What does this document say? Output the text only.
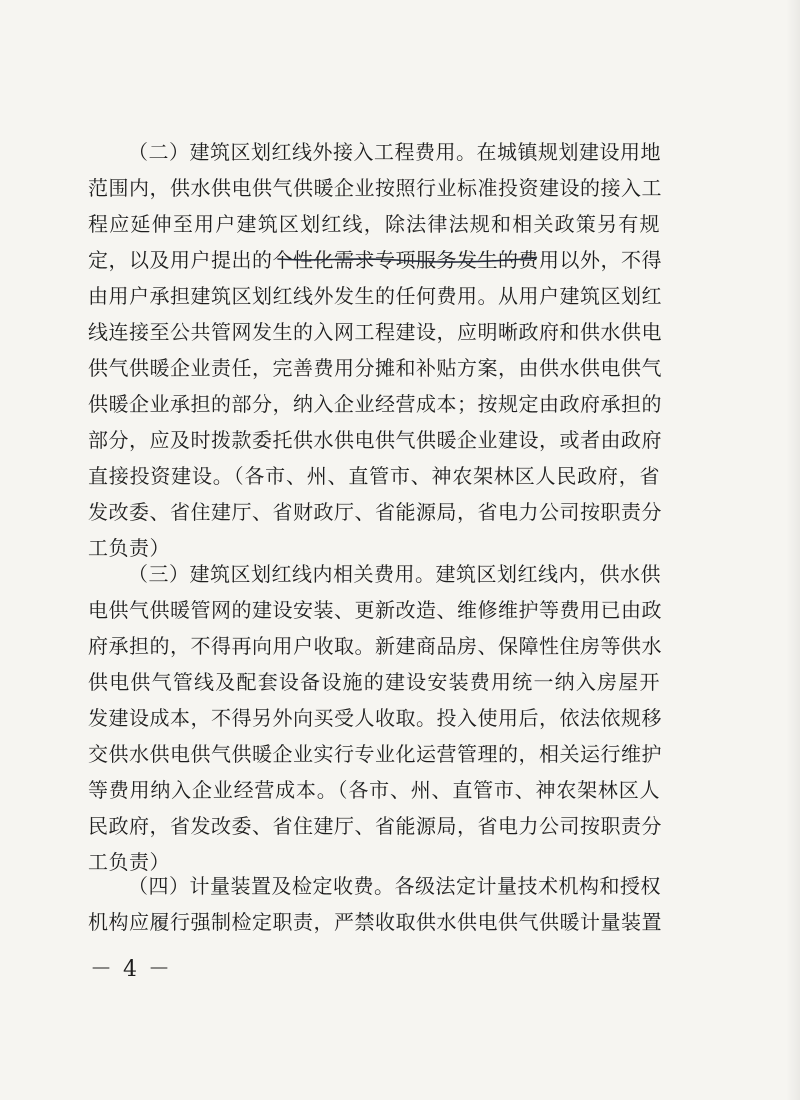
（二）建筑区划红线外接入工程费用。在城镇规划建设用地
范围内，供水供电供气供暖企业按照行业标准投资建设的接入工
程应延伸至用户建筑区划红线，除法律法规和相关政策另有规
定，以及用户提出的个性化需求专项服务发生的费用以外，不得
由用户承担建筑区划红线外发生的任何费用。从用户建筑区划红
线连接至公共管网发生的入网工程建设，应明晰政府和供水供电
供气供暖企业责任，完善费用分摊和补贴方案，由供水供电供气
供暖企业承担的部分，纳入企业经营成本；按规定由政府承担的
部分，应及时拨款委托供水供电供气供暖企业建设，或者由政府
直接投资建设。（各市、州、直管市、神农架林区人民政府，省
发改委、省住建厅、省财政厅、省能源局，省电力公司按职责分
工负责）
（三）建筑区划红线内相关费用。建筑区划红线内，供水供
电供气供暖管网的建设安装、更新改造、维修维护等费用已由政
府承担的，不得再向用户收取。新建商品房、保障性住房等供水
供电供气管线及配套设备设施的建设安装费用统一纳入房屋开
发建设成本，不得另外向买受人收取。投入使用后，依法依规移
交供水供电供气供暖企业实行专业化运营管理的，相关运行维护
等费用纳入企业经营成本。（各市、州、直管市、神农架林区人
民政府，省发改委、省住建厅、省能源局，省电力公司按职责分
工负责）
（四）计量装置及检定收费。各级法定计量技术机构和授权
机构应履行强制检定职责，严禁收取供水供电供气供暖计量装置
－ 4 －
